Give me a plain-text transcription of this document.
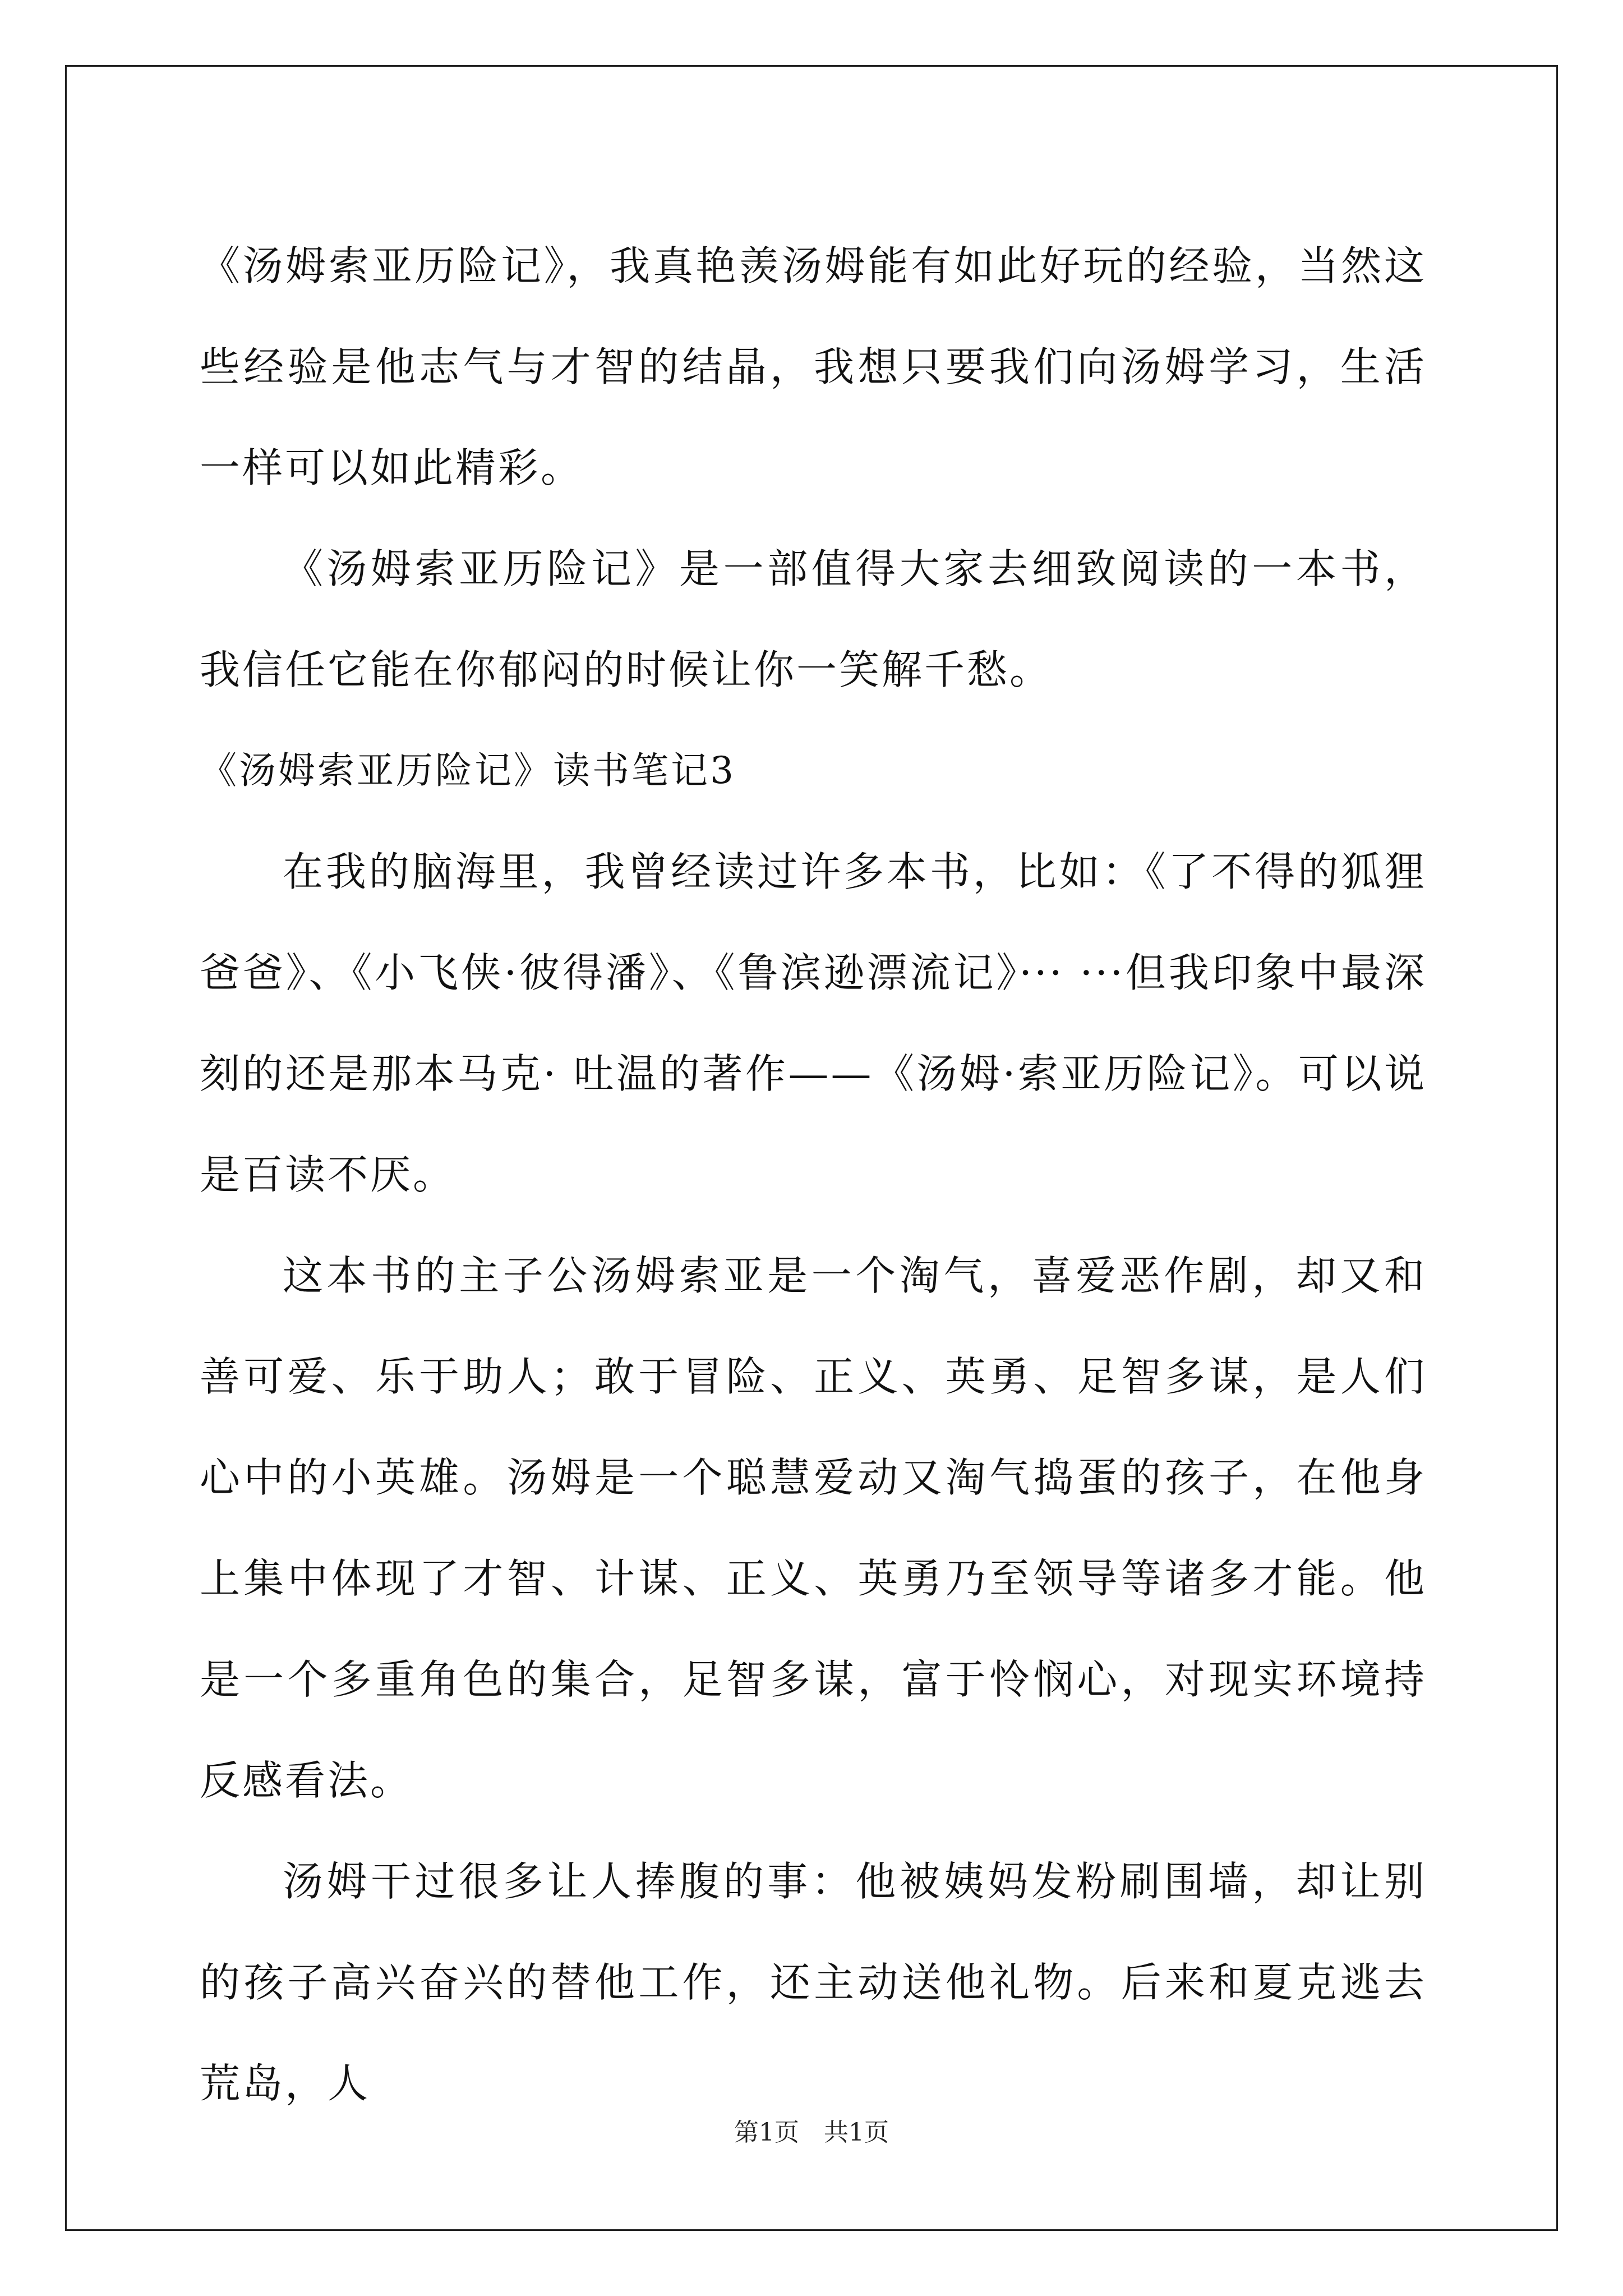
《汤姆索亚历险记》，我真艳羡汤姆能有如此好玩的经验，当然这些经验是他志气与才智的结晶，我想只要我们向汤姆学习，生活一样可以如此精彩。

《汤姆索亚历险记》是一部值得大家去细致阅读的一本书，我信任它能在你郁闷的时候让你一笑解千愁。

《汤姆索亚历险记》读书笔记3

在我的脑海里，我曾经读过许多本书，比如：《了不得的狐狸爸爸》、《小飞侠·彼得潘》、《鲁滨逊漂流记》··· ···但我印象中最深刻的还是那本马克· 吐温的著作——《汤姆·索亚历险记》。可以说是百读不厌。

这本书的主子公汤姆索亚是一个淘气，喜爱恶作剧，却又和善可爱、乐于助人；敢于冒险、正义、英勇、足智多谋，是人们心中的小英雄。汤姆是一个聪慧爱动又淘气捣蛋的孩子，在他身上集中体现了才智、计谋、正义、英勇乃至领导等诸多才能。他是一个多重角色的集合，足智多谋，富于怜悯心，对现实环境持反感看法。

汤姆干过很多让人捧腹的事：他被姨妈发粉刷围墙，却让别的孩子高兴奋兴的替他工作，还主动送他礼物。后来和夏克逃去荒岛，人

第1页 共1页
